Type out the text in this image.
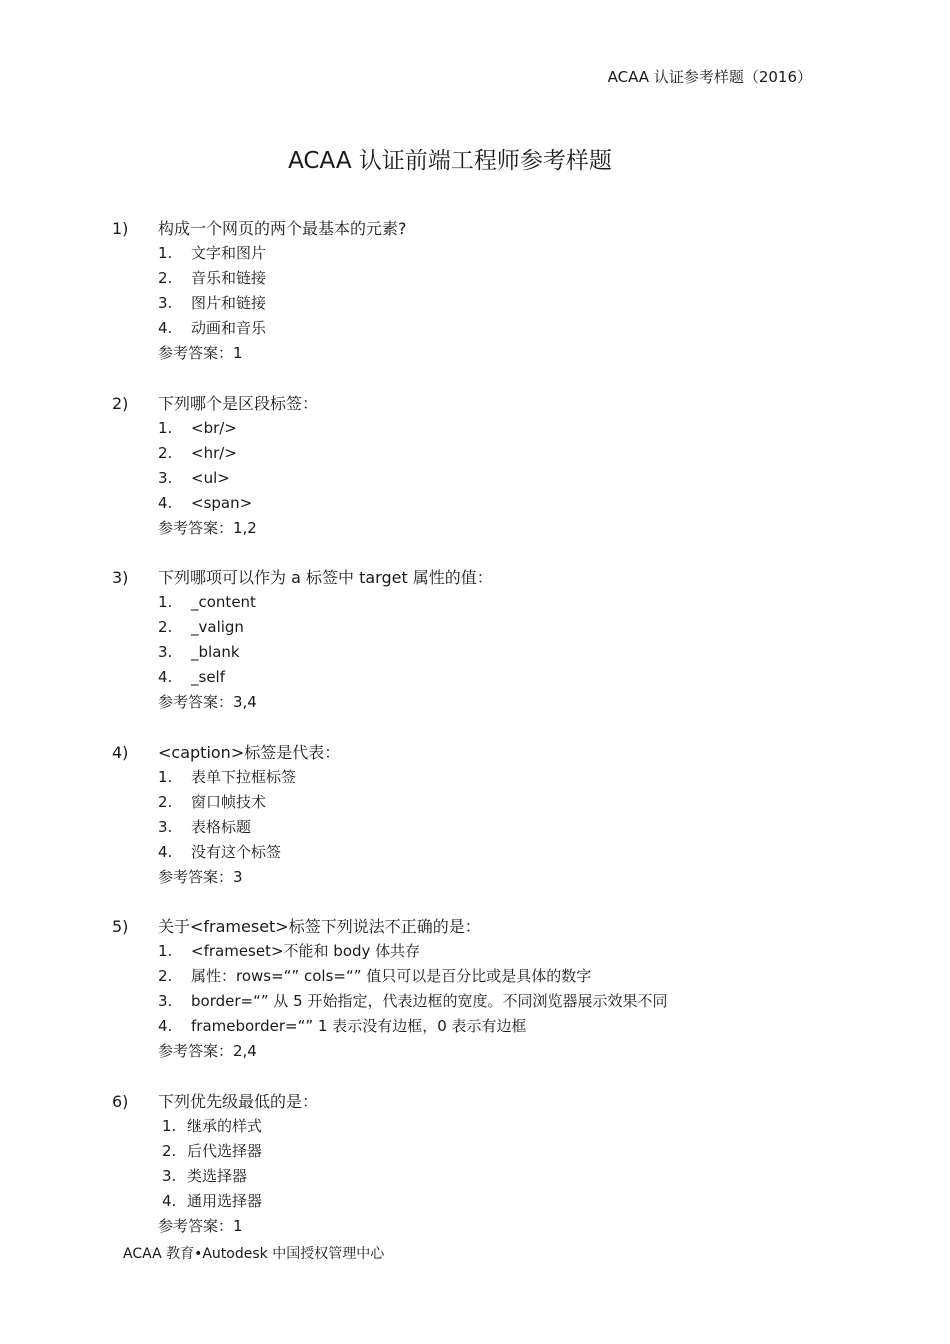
ACAA 认证参考样题（2016）
ACAA 认证前端工程师参考样题
1) 构成一个网页的两个最基本的元素?
1. 文字和图片
2. 音乐和链接
3. 图片和链接
4. 动画和音乐
参考答案：1
2) 下列哪个是区段标签：
1. <br/>
2. <hr/>
3. <ul>
4. <span>
参考答案：1,2
3) 下列哪项可以作为 a 标签中 target 属性的值：
1. _content
2. _valign
3. _blank
4. _self
参考答案：3,4
4) <caption>标签是代表：
1. 表单下拉框标签
2. 窗口帧技术
3. 表格标题
4. 没有这个标签
参考答案：3
5) 关于<frameset>标签下列说法不正确的是：
1. <frameset>不能和 body 体共存
2. 属性：rows=“” cols=“” 值只可以是百分比或是具体的数字
3. border=“” 从 5 开始指定，代表边框的宽度。不同浏览器展示效果不同
4. frameborder=“” 1 表示没有边框，0 表示有边框
参考答案：2,4
6) 下列优先级最低的是：
1. 继承的样式
2. 后代选择器
3. 类选择器
4. 通用选择器
参考答案：1
ACAA 教育•Autodesk 中国授权管理中心
